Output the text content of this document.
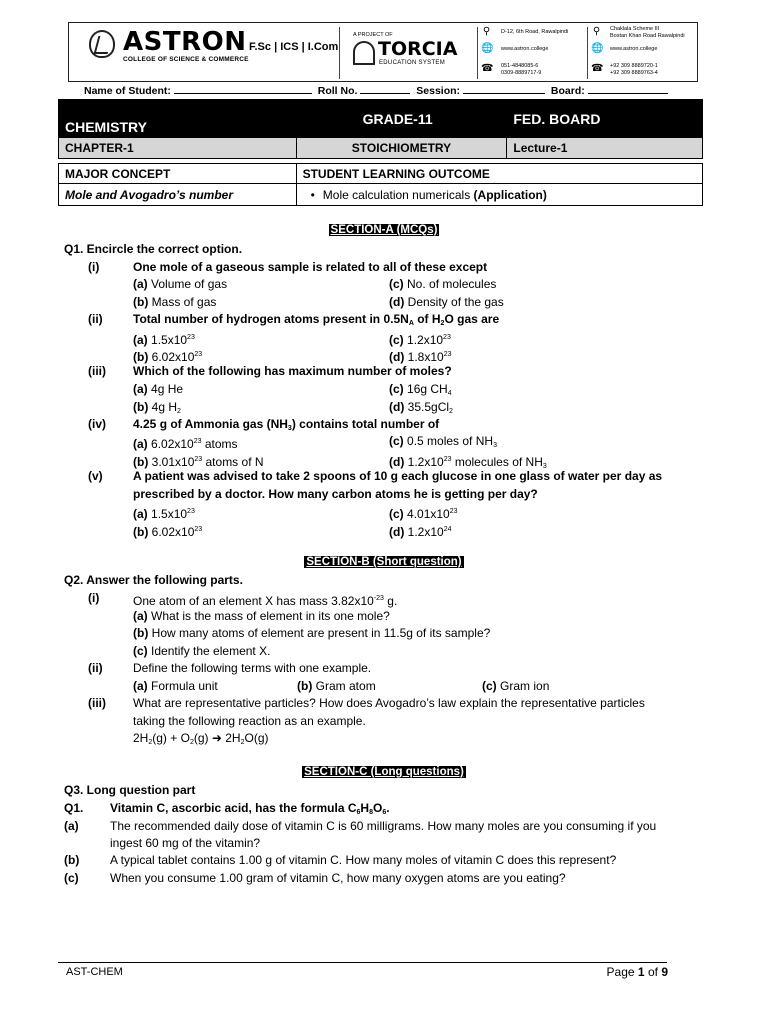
ASTRON
COLLEGE OF SCIENCE & COMMERCE
F.Sc | ICS | I.Com
A PROJECT OF
TORCIA
EDUCATION SYSTEM
⚲	D-12, 6th Road, Rawalpindi
🌐 www.astron.college
☎ 051-4848085-6
0309-8889717-9
⚲	Chaklala Scheme III
Bostan Khan Road Rawalpindi
🌐 www.astron.college
☎ +92 309 8889720-1
+92 309 8889763-4
Name of Student:	Roll No.	Session:	Board:
CHEMISTRY	GRADE-11	FED. BOARD
CHAPTER-1	STOICHIOMETRY	Lecture-1

MAJOR CONCEPT	STUDENT LEARNING OUTCOME	
Mole and Avogadro’s number	• Mole calculation numericals (Application)	
SECTION-A (MCQs)
Q1. Encircle the correct option.
(i)	One mole of a gaseous sample is related to all of these except
(a) Volume of gas	(c) No. of molecules
(b) Mass of gas	(d) Density of the gas
(ii)	Total number of hydrogen atoms present in $0.5N_A$ of $H_2O$ gas are
(a) $1.5x10^{23}$	(c) $1.2x10^{23}$
(b) $6.02x10^{23}$	(d) $1.8x10^{23}$
(iii) Which of the following has maximum number of moles?
(a) 4g He	(c) 16g $CH_4$
(b) 4g $H_2$	(d) 35.5gCl$_2$
(iv) 4.25 g of Ammonia gas $(NH_3)$ contains total number of
(a) $6.02x10^{23}$ atoms	(c) 0.5 moles of $NH_3$
(b) $3.01x10^{23}$ atoms of N	(d) $1.2x10^{23}$ molecules of $NH_3$
(v)	A patient was advised to take 2 spoons of 10 g each glucose in one glass of water per day as
prescribed by a doctor. How many carbon atoms he is getting per day?
(a) $1.5x10^{23}$	(c) $4.01x10^{23}$
(b) $6.02x10^{23}$	(d) $1.2x10^{24}$
SECTION-B (Short question)
Q2. Answer the following parts.
(i)	One atom of an element X has mass $3.82x10^{-23}$ g.
(a) What is the mass of element in its one mole?
(b) How many atoms of element are present in 11.5g of its sample?
(c) Identify the element X.
(ii)	Define the following terms with one example.
(a) Formula unit	(b) Gram atom	(c) Gram ion
(iii) What are representative particles? How does Avogadro’s law explain the representative particles
taking the following reaction as an example.
$2H_2(g) + O_2(g)$ ➜ $2H_2O(g)$
SECTION-C (Long questions)
Q3. Long question part
Q1. Vitamin C, ascorbic acid, has the formula $C_6H_8O_6$.
(a)	The recommended daily dose of vitamin C is 60 milligrams. How many moles are you consuming if you
ingest 60 mg of the vitamin?
(b)	A typical tablet contains 1.00 g of vitamin C. How many moles of vitamin C does this represent?
(c)	When you consume 1.00 gram of vitamin C, how many oxygen atoms are you eating?
AST-CHEM	Page 1 of 9
